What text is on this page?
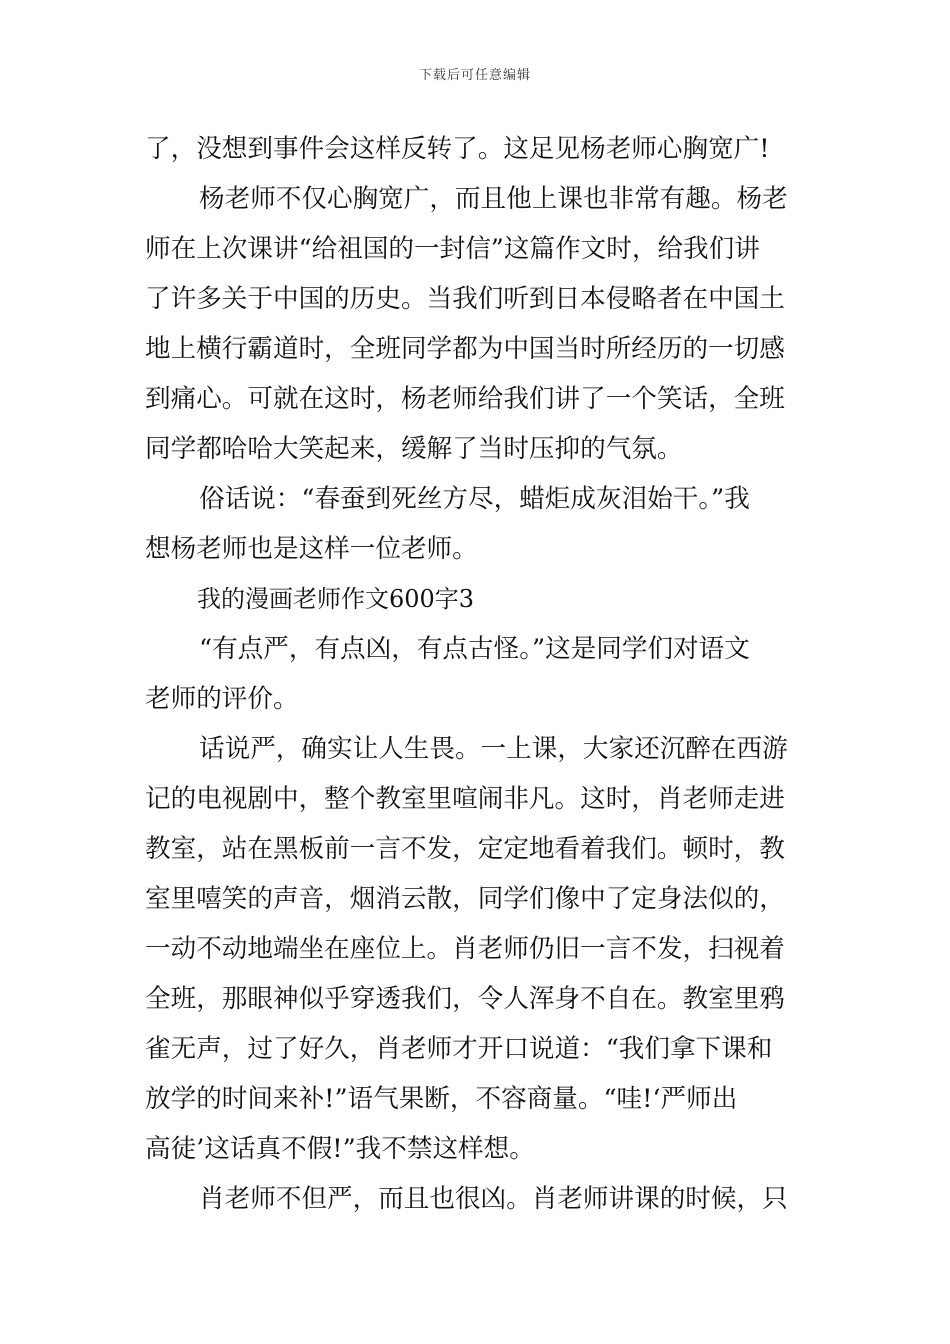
下载后可任意编辑
了，没想到事件会这样反转了。这足见杨老师心胸宽广!
杨老师不仅心胸宽广，而且他上课也非常有趣。杨老
师在上次课讲“给祖国的一封信”这篇作文时，给我们讲
了许多关于中国的历史。当我们听到日本侵略者在中国土
地上横行霸道时，全班同学都为中国当时所经历的一切感
到痛心。可就在这时，杨老师给我们讲了一个笑话，全班
同学都哈哈大笑起来，缓解了当时压抑的气氛。
俗话说：“春蚕到死丝方尽，蜡炬成灰泪始干。”我
想杨老师也是这样一位老师。
我的漫画老师作文600字3
“有点严，有点凶，有点古怪。”这是同学们对语文
老师的评价。
话说严，确实让人生畏。一上课，大家还沉醉在西游
记的电视剧中，整个教室里喧闹非凡。这时，肖老师走进
教室，站在黑板前一言不发，定定地看着我们。顿时，教
室里嘻笑的声音，烟消云散，同学们像中了定身法似的，
一动不动地端坐在座位上。肖老师仍旧一言不发，扫视着
全班，那眼神似乎穿透我们，令人浑身不自在。教室里鸦
雀无声，过了好久，肖老师才开口说道：“我们拿下课和
放学的时间来补!”语气果断，不容商量。“哇!‘严师出
高徒’这话真不假!”我不禁这样想。
肖老师不但严，而且也很凶。肖老师讲课的时候，只
